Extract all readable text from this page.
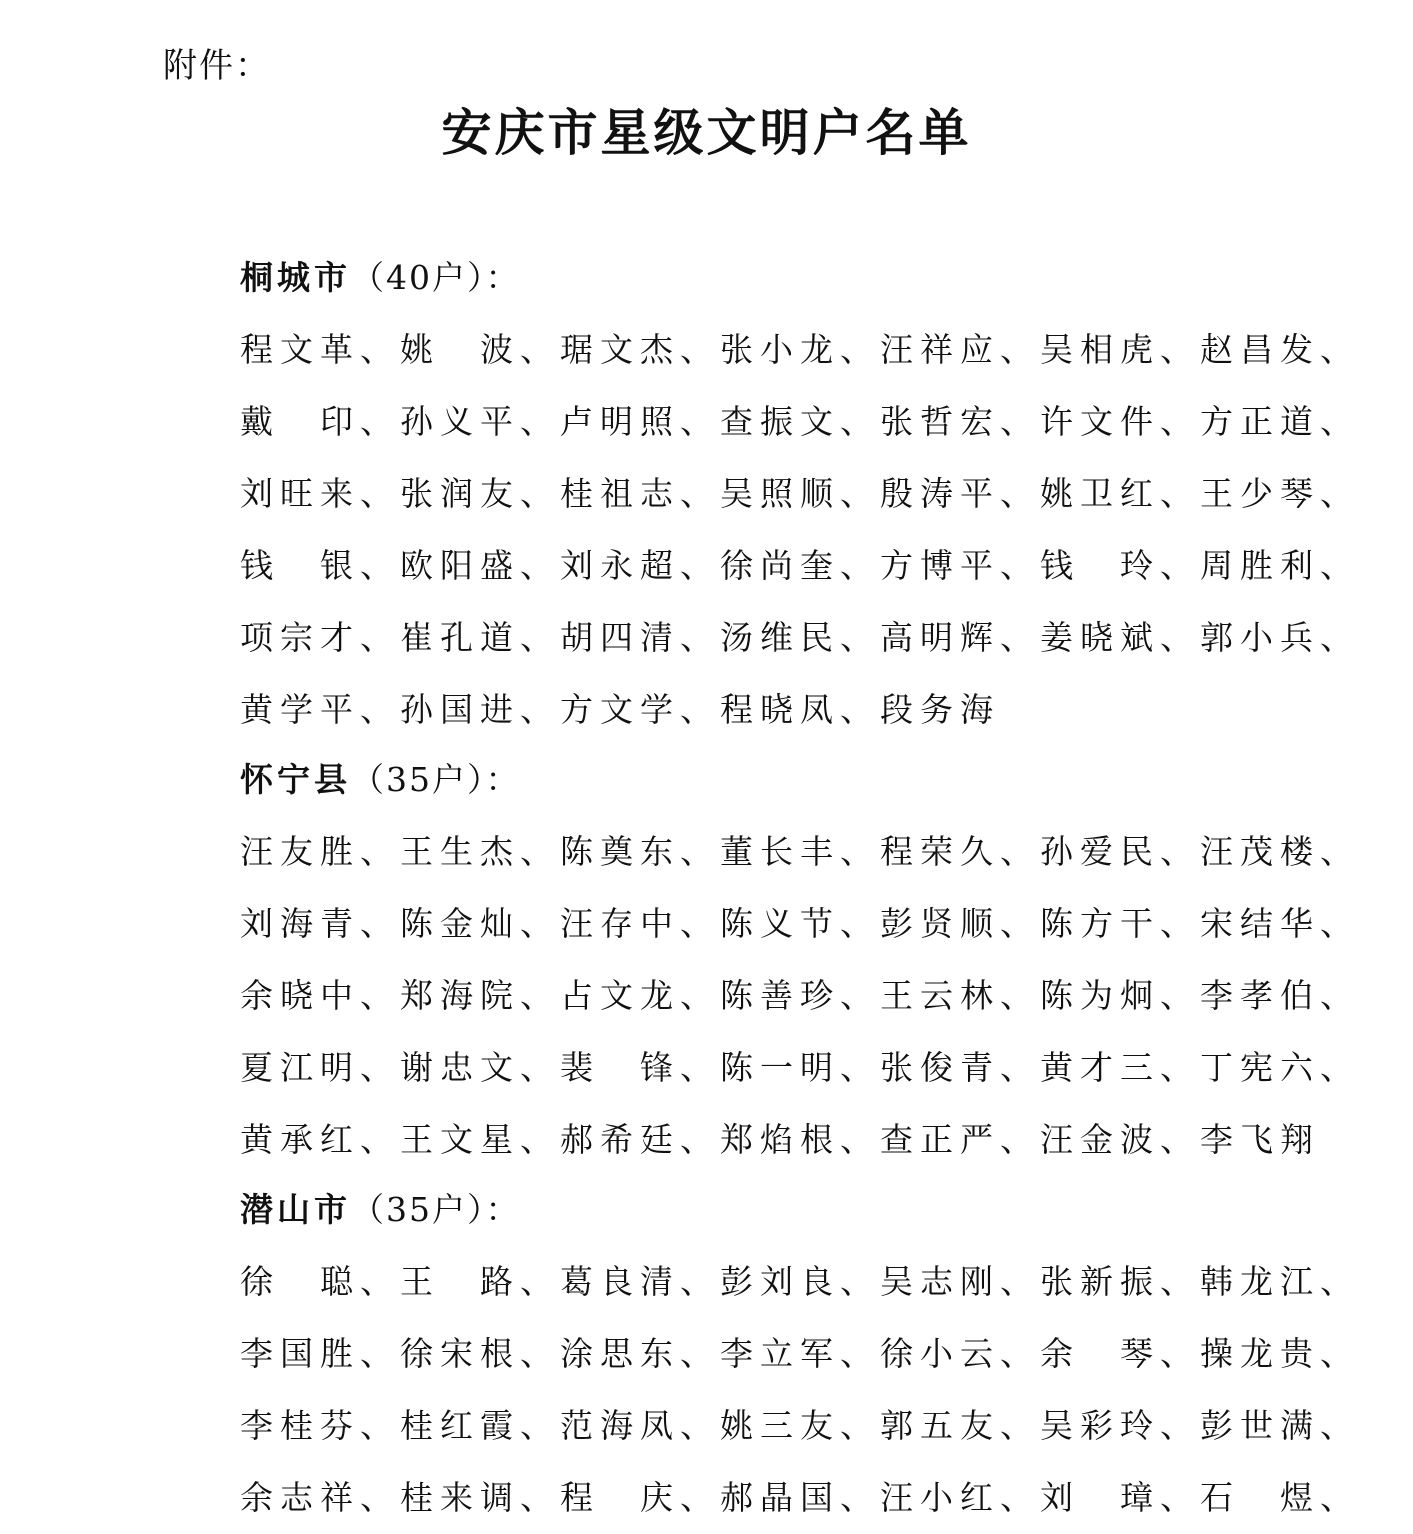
附件：
安庆市星级文明户名单
桐城市（40户）：
程文革、姚　波、琚文杰、张小龙、汪祥应、吴相虎、赵昌发、
戴　印、孙义平、卢明照、查振文、张哲宏、许文件、方正道、
刘旺来、张润友、桂祖志、吴照顺、殷涛平、姚卫红、王少琴、
钱　银、欧阳盛、刘永超、徐尚奎、方博平、钱　玲、周胜利、
项宗才、崔孔道、胡四清、汤维民、高明辉、姜晓斌、郭小兵、
黄学平、孙国进、方文学、程晓凤、段务海
怀宁县（35户）：
汪友胜、王生杰、陈奠东、董长丰、程荣久、孙爱民、汪茂楼、
刘海青、陈金灿、汪存中、陈义节、彭贤顺、陈方干、宋结华、
余晓中、郑海院、占文龙、陈善珍、王云林、陈为炯、李孝伯、
夏江明、谢忠文、裴　锋、陈一明、张俊青、黄才三、丁宪六、
黄承红、王文星、郝希廷、郑焰根、查正严、汪金波、李飞翔
潜山市（35户）：
徐　聪、王　路、葛良清、彭刘良、吴志刚、张新振、韩龙江、
李国胜、徐宋根、涂思东、李立军、徐小云、余　琴、操龙贵、
李桂芬、桂红霞、范海凤、姚三友、郭五友、吴彩玲、彭世满、
余志祥、桂来调、程　庆、郝晶国、汪小红、刘　璋、石　煜、
